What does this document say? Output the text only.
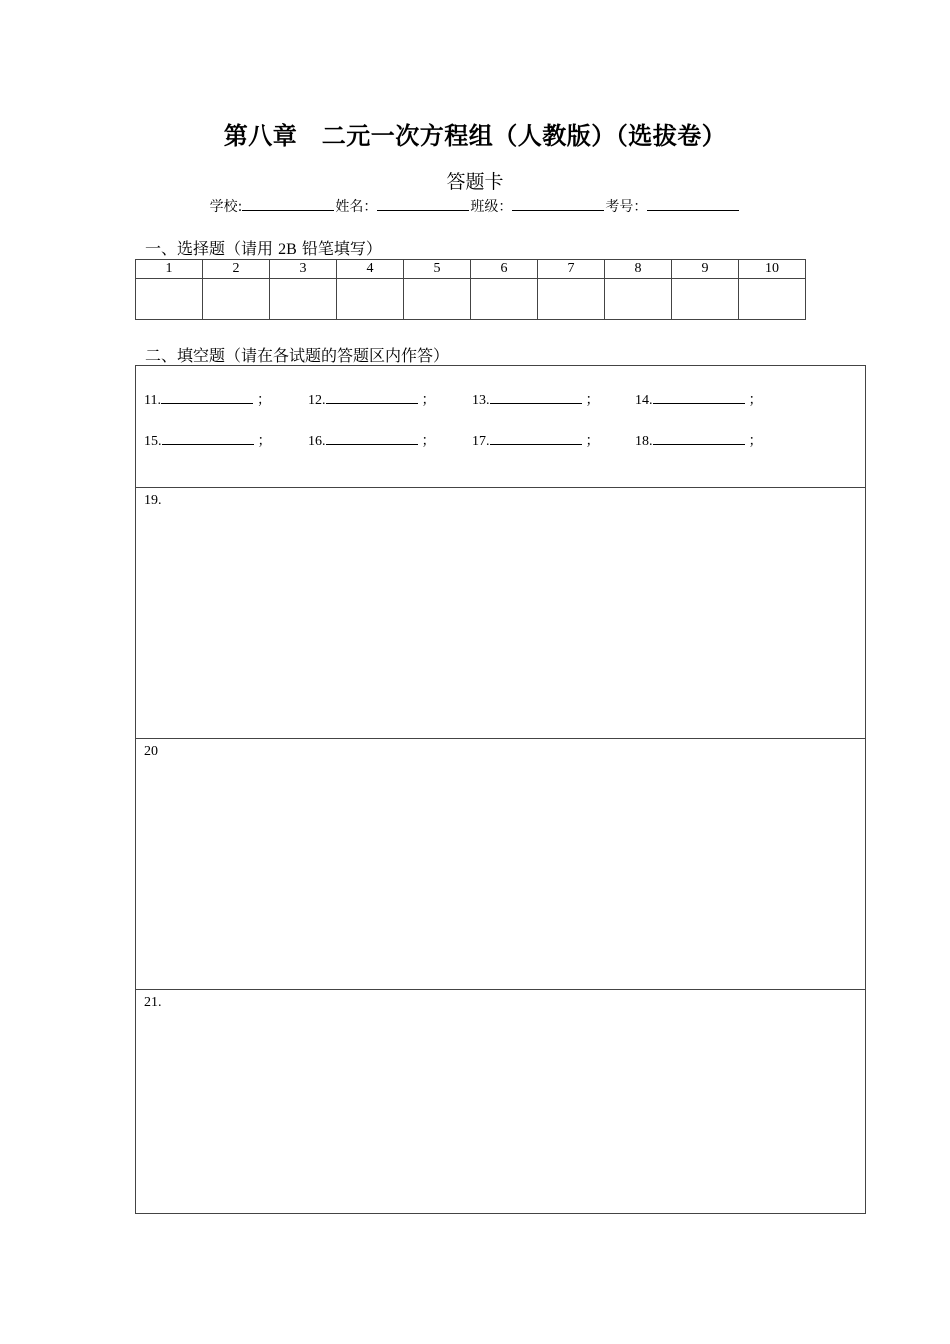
第八章　二元一次方程组（人教版）（选拔卷）
答题卡
学校:	姓名：	班级：	考号：
一、选择题（请用 2B 铅笔填写）
1	2	3	4	5	6	7	8	9	10

二、填空题（请在各试题的答题区内作答）
11.	；	12.	；	13.	；	14.	；
15.	；	16.	；	17.	；	18.	；
19.
20
21.
